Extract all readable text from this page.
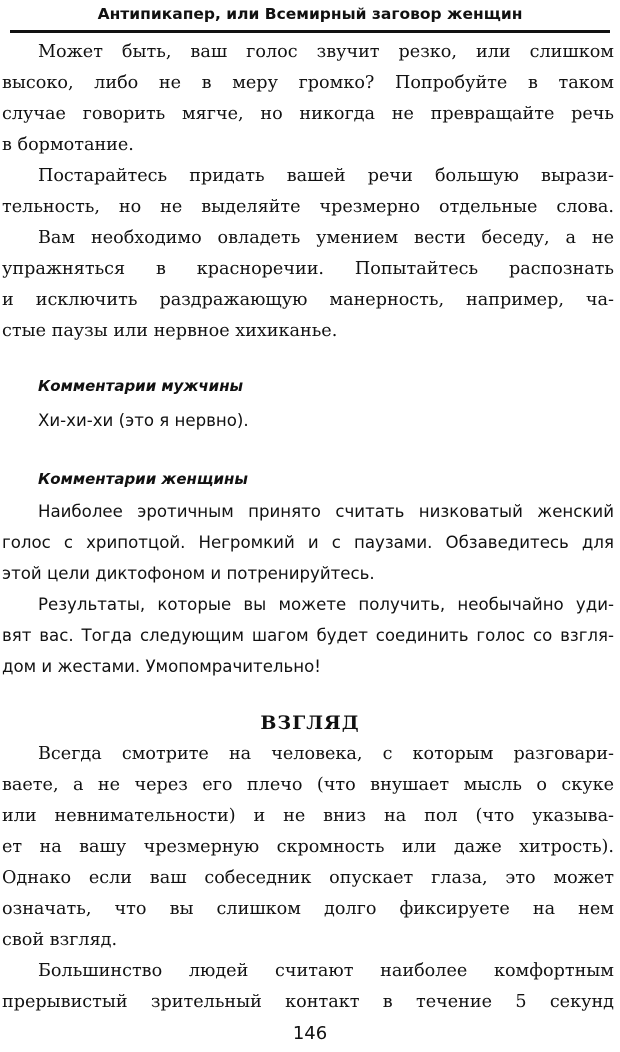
Антипикапер, или Всемирный заговор женщин
Может быть, ваш голос звучит резко, или слишком
высоко, либо не в меру громко? Попробуйте в таком
случае говорить мягче, но никогда не превращайте речь
в бормотание.
Постарайтесь придать вашей речи большую вырази-
тельность, но не выделяйте чрезмерно отдельные слова.
Вам необходимо овладеть умением вести беседу, а не
упражняться в красноречии. Попытайтесь распознать
и исключить раздражающую манерность, например, ча-
стые паузы или нервное хихиканье.
Комментарии мужчины
Хи-хи-хи (это я нервно).
Комментарии женщины
Наиболее эротичным принято считать низковатый женский
голос с хрипотцой. Негромкий и с паузами. Обзаведитесь для
этой цели диктофоном и потренируйтесь.
Результаты, которые вы можете получить, необычайно уди-
вят вас. Тогда следующим шагом будет соединить голос со взгля-
дом и жестами. Умопомрачительно!
ВЗГЛЯД
Всегда смотрите на человека, с которым разговари-
ваете, а не через его плечо (что внушает мысль о скуке
или невнимательности) и не вниз на пол (что указыва-
ет на вашу чрезмерную скромность или даже хитрость).
Однако если ваш собеседник опускает глаза, это может
означать, что вы слишком долго фиксируете на нем
свой взгляд.
Большинство людей считают наиболее комфортным
прерывистый зрительный контакт в течение 5 секунд
146
